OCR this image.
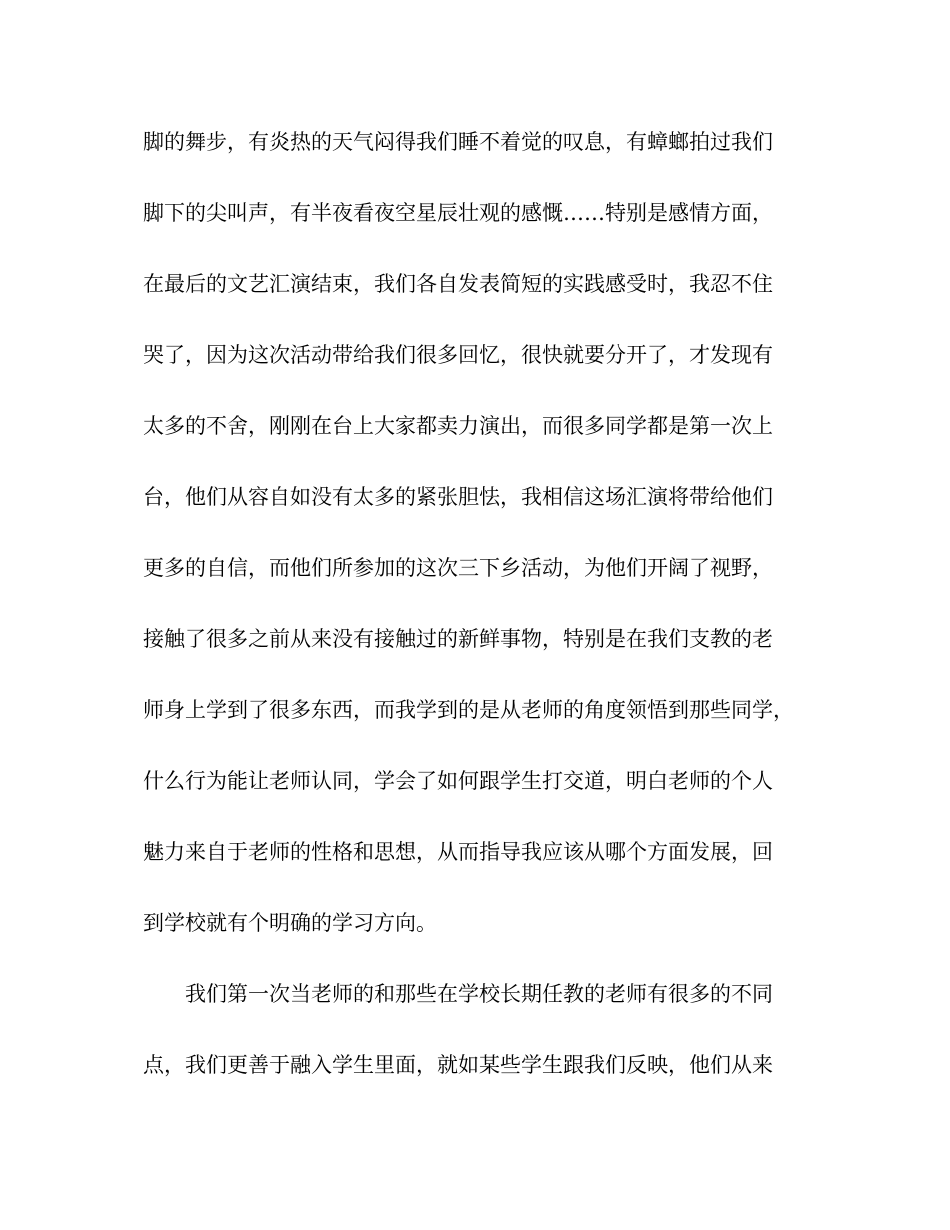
脚的舞步，有炎热的天气闷得我们睡不着觉的叹息，有蟑螂拍过我们
脚下的尖叫声，有半夜看夜空星辰壮观的感慨……特别是感情方面，
在最后的文艺汇演结束，我们各自发表简短的实践感受时，我忍不住
哭了，因为这次活动带给我们很多回忆，很快就要分开了，才发现有
太多的不舍，刚刚在台上大家都卖力演出，而很多同学都是第一次上
台，他们从容自如没有太多的紧张胆怯，我相信这场汇演将带给他们
更多的自信，而他们所参加的这次三下乡活动，为他们开阔了视野，
接触了很多之前从来没有接触过的新鲜事物，特别是在我们支教的老
师身上学到了很多东西，而我学到的是从老师的角度领悟到那些同学，
什么行为能让老师认同，学会了如何跟学生打交道，明白老师的个人
魅力来自于老师的性格和思想，从而指导我应该从哪个方面发展，回
到学校就有个明确的学习方向。
我们第一次当老师的和那些在学校长期任教的老师有很多的不同
点，我们更善于融入学生里面，就如某些学生跟我们反映，他们从来
